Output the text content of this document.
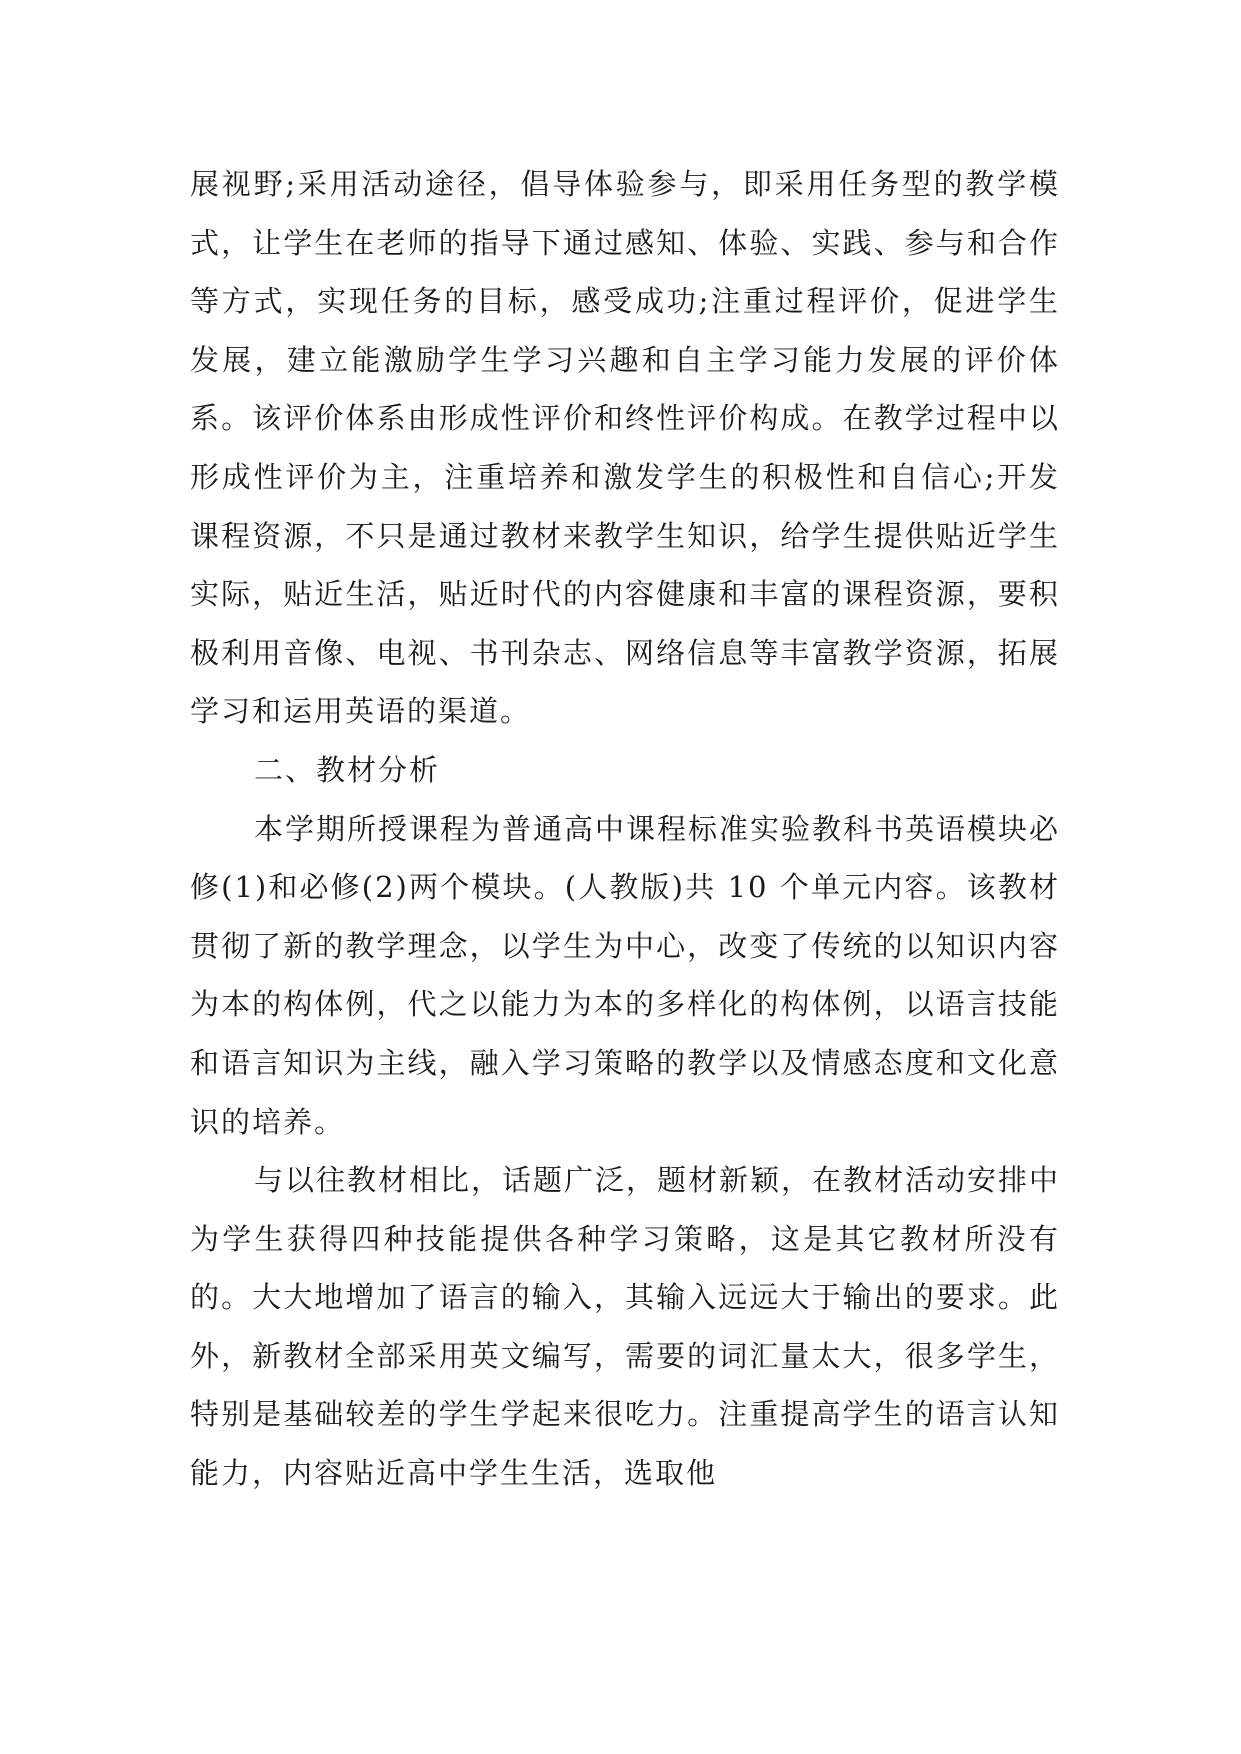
展视野;采用活动途径，倡导体验参与，即采用任务型的教学模式，让学生在老师的指导下通过感知、体验、实践、参与和合作等方式，实现任务的目标，感受成功;注重过程评价，促进学生发展，建立能激励学生学习兴趣和自主学习能力发展的评价体系。该评价体系由形成性评价和终性评价构成。在教学过程中以形成性评价为主，注重培养和激发学生的积极性和自信心;开发课程资源，不只是通过教材来教学生知识，给学生提供贴近学生实际，贴近生活，贴近时代的内容健康和丰富的课程资源，要积极利用音像、电视、书刊杂志、网络信息等丰富教学资源，拓展学习和运用英语的渠道。

二、教材分析

本学期所授课程为普通高中课程标准实验教科书英语模块必修(1)和必修(2)两个模块。(人教版)共 10 个单元内容。该教材贯彻了新的教学理念，以学生为中心，改变了传统的以知识内容为本的构体例，代之以能力为本的多样化的构体例，以语言技能和语言知识为主线，融入学习策略的教学以及情感态度和文化意识的培养。

与以往教材相比，话题广泛，题材新颖，在教材活动安排中为学生获得四种技能提供各种学习策略，这是其它教材所没有的。大大地增加了语言的输入，其输入远远大于输出的要求。此外，新教材全部采用英文编写，需要的词汇量太大，很多学生，特别是基础较差的学生学起来很吃力。注重提高学生的语言认知能力，内容贴近高中学生生活，选取他
